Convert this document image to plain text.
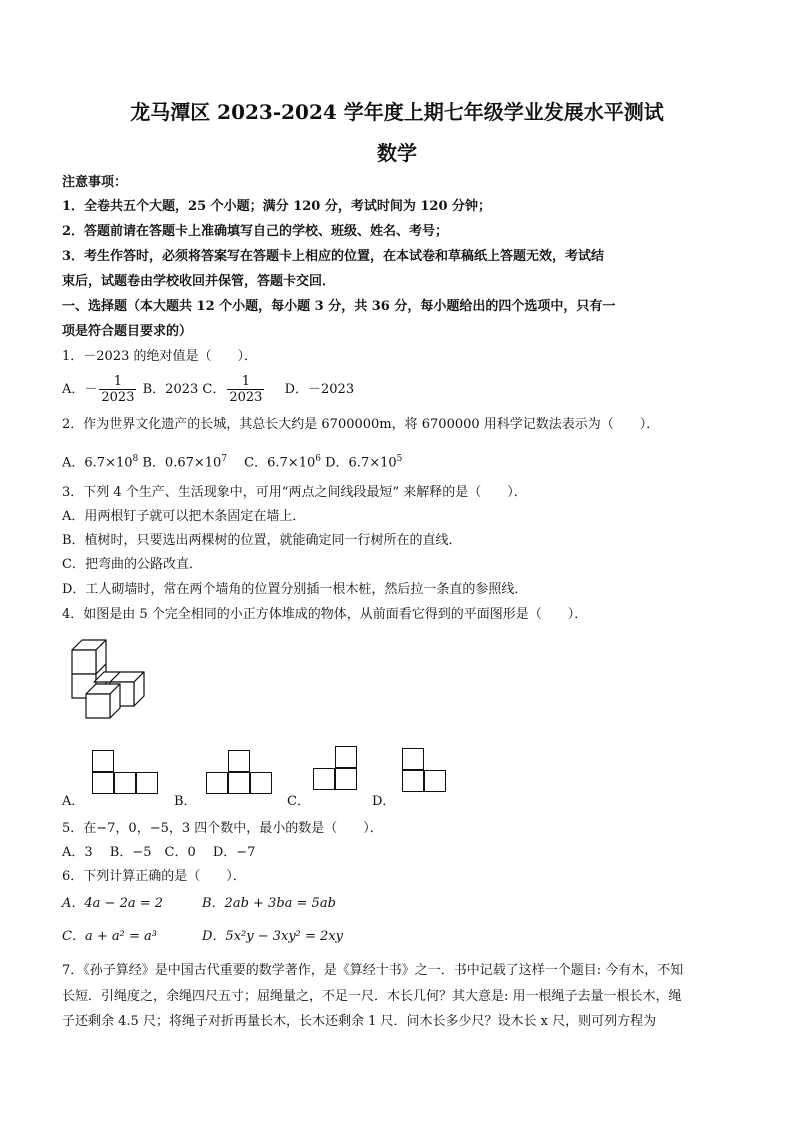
龙马潭区 2023-2024 学年度上期七年级学业发展水平测试
数学
注意事项：
1．全卷共五个大题，25 个小题；满分 120 分，考试时间为 120 分钟；
2．答题前请在答题卡上准确填写自己的学校、班级、姓名、考号；
3．考生作答时，必须将答案写在答题卡上相应的位置，在本试卷和草稿纸上答题无效，考试结
束后，试题卷由学校收回并保管，答题卡交回．
一、选择题（本大题共 12 个小题，每小题 3 分，共 36 分，每小题给出的四个选项中，只有一
项是符合题目要求的）
1．－2023 的绝对值是（　　）．
A．－ $\frac{1}{2023}$ B．2023 C． $\frac{1}{2023}$ D．－2023
2．作为世界文化遗产的长城，其总长大约是 6700000m，将 6700000 用科学记数法表示为（　　）．
A．$6.7\times 10^8$ B．$0.67\times 10^7$　 C．$6.7\times 10^6$ D．$6.7\times 10^5$
3．下列 4 个生产、生活现象中，可用“两点之间线段最短” 来解释的是（　　）．
A．用两根钉子就可以把木条固定在墙上．
B．植树时，只要选出两棵树的位置，就能确定同一行树所在的直线．
C．把弯曲的公路改直．
D．工人砌墙时，常在两个墙角的位置分别插一根木桩，然后拉一条直的参照线．
4．如图是由 5 个完全相同的小正方体堆成的物体，从前面看它得到的平面图形是（　　）．
A．	B．	C．	D．
5．在−7，0，−5，3 四个数中，最小的数是（　　）．
A．3　 B．−5　C．0　 D．−7
6．下列计算正确的是（　　）．
A．4a − 2a = 2	B．2ab + 3ba = 5ab
C．a + a² = a³	D．5x²y − 3xy² = 2xy
7．《孙子算经》是中国古代重要的数学著作，是《算经十书》之一．书中记载了这样一个题目: 今有木，不知
长短．引绳度之，余绳四尺五寸；屈绳量之，不足一尺．木长几何？其大意是: 用一根绳子去量一根长木，绳
子还剩余 4.5 尺；将绳子对折再量长木，长木还剩余 1 尺．问木长多少尺？设木长 x 尺，则可列方程为
